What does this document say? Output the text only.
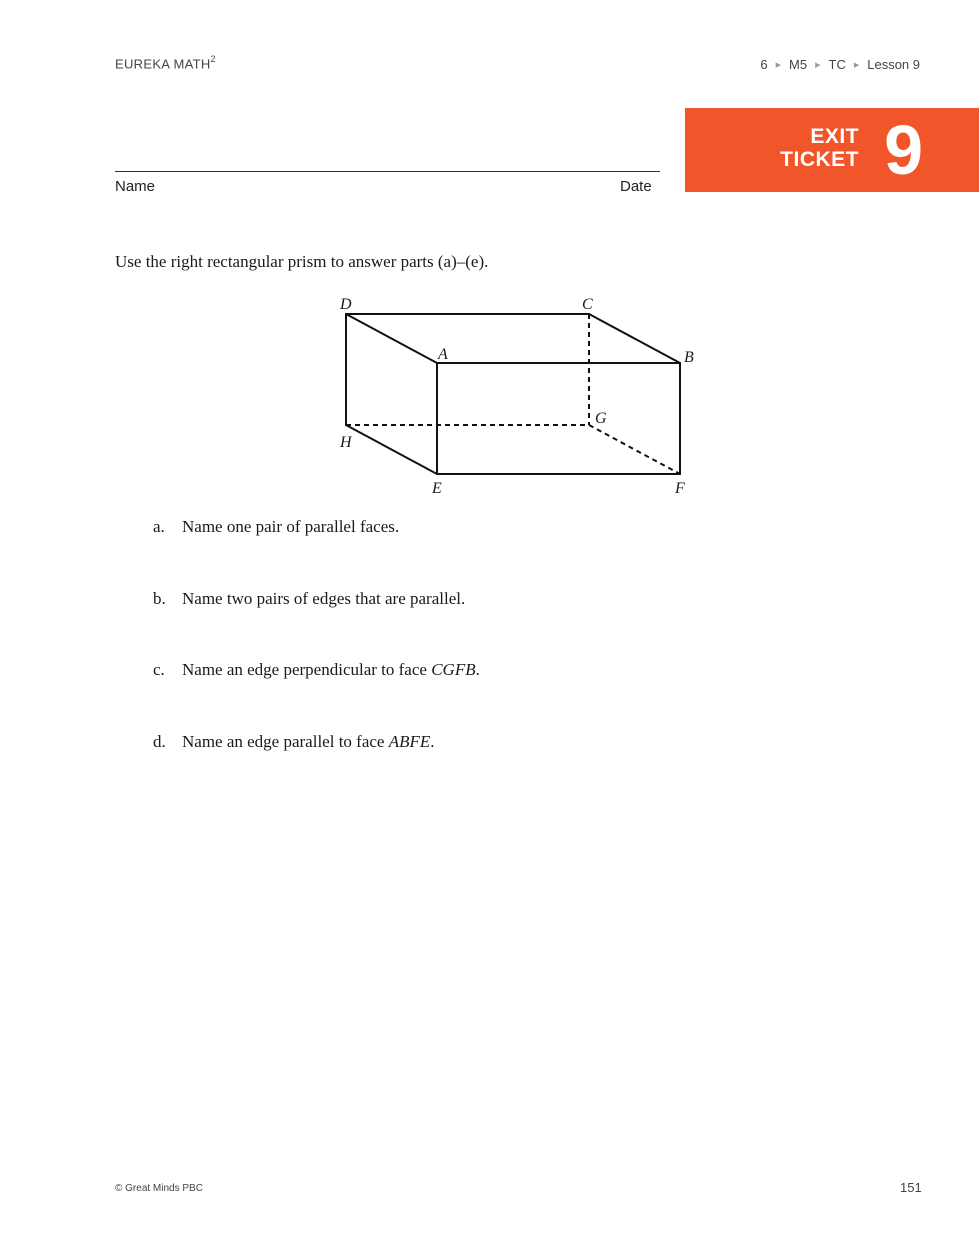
EUREKA MATH$^2$	6 ▶ M5 ▶ TC ▶ Lesson 9
EXIT
TICKET 9
Name	Date
Use the right rectangular prism to answer parts (a)–(e).
D	C
A	B
G
H
E	F
a. Name one pair of parallel faces.
b. Name two pairs of edges that are parallel.
c. Name an edge perpendicular to face CGFB.
d. Name an edge parallel to face ABFE.
© Great Minds PBC	151
